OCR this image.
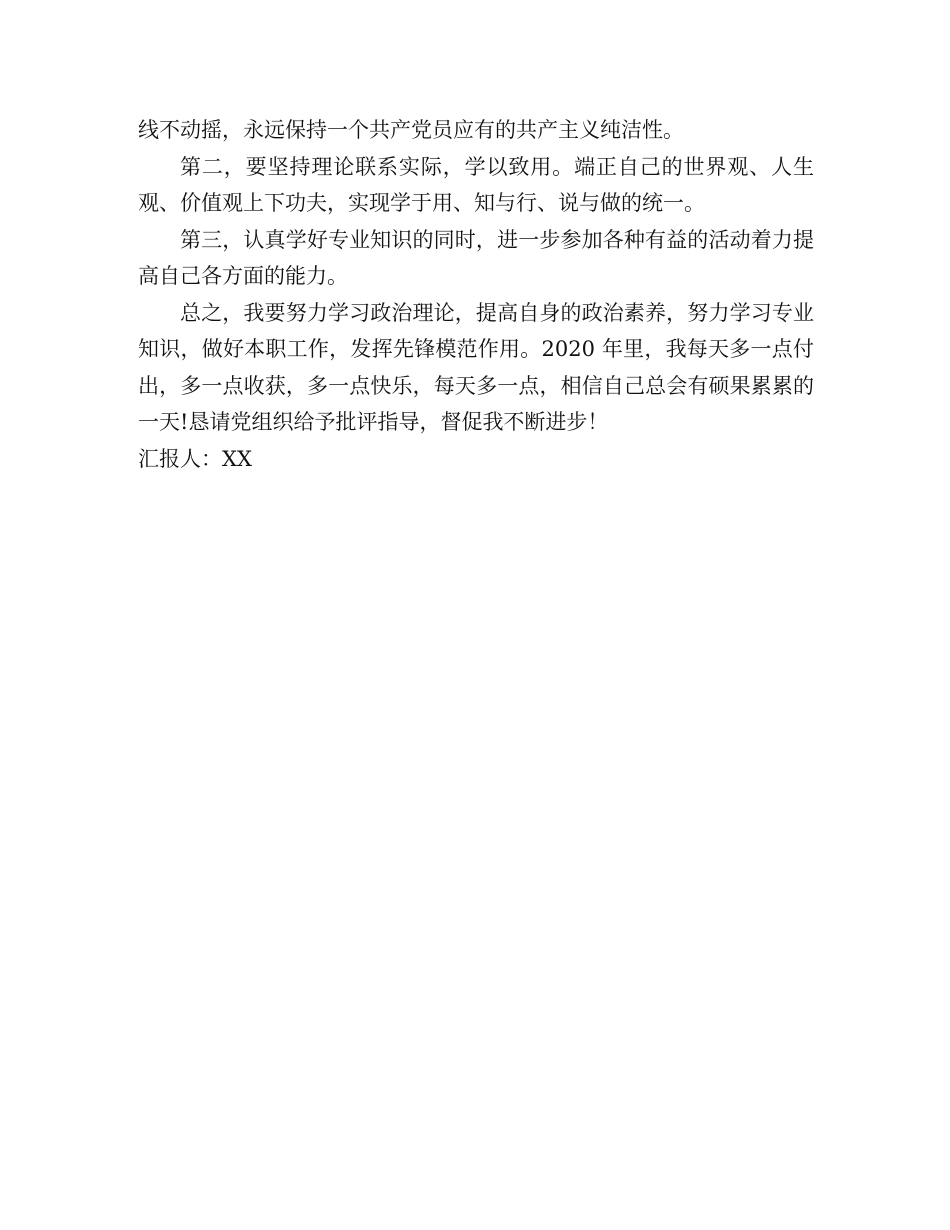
线不动摇，永远保持一个共产党员应有的共产主义纯洁性。

第二，要坚持理论联系实际，学以致用。端正自己的世界观、人生观、价值观上下功夫，实现学于用、知与行、说与做的统一。

第三，认真学好专业知识的同时，进一步参加各种有益的活动着力提高自己各方面的能力。

总之，我要努力学习政治理论，提高自身的政治素养，努力学习专业知识，做好本职工作，发挥先锋模范作用。2020 年里，我每天多一点付出，多一点收获，多一点快乐，每天多一点，相信自己总会有硕果累累的一天!恳请党组织给予批评指导，督促我不断进步！

汇报人：XX
